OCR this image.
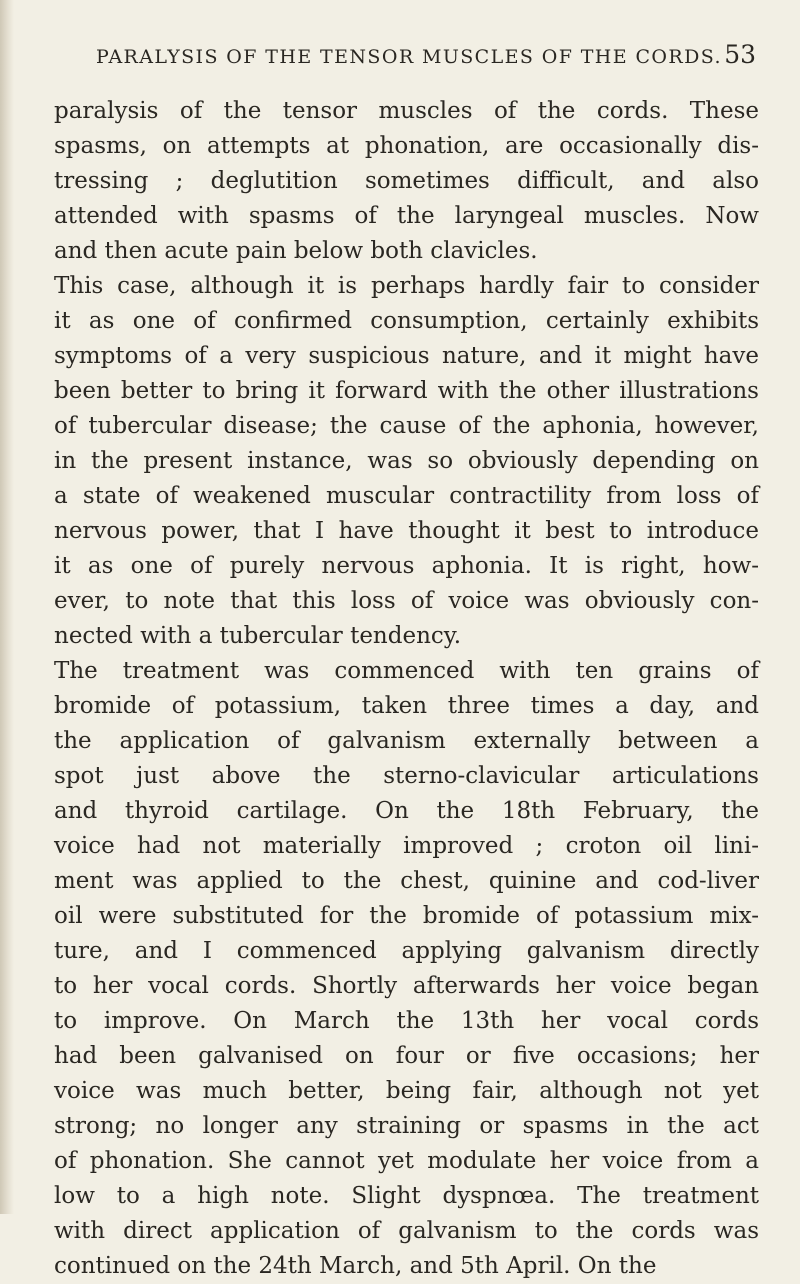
PARALYSIS OF THE TENSOR MUSCLES OF THE CORDS. 53
paralysis of the tensor muscles of the cords. These
spasms, on attempts at phonation, are occasionally dis-
tressing ; deglutition sometimes difficult, and also
attended with spasms of the laryngeal muscles. Now
and then acute pain below both clavicles.
This case, although it is perhaps hardly fair to consider
it as one of confirmed consumption, certainly exhibits
symptoms of a very suspicious nature, and it might have
been better to bring it forward with the other illustrations
of tubercular disease; the cause of the aphonia, however,
in the present instance, was so obviously depending on
a state of weakened muscular contractility from loss of
nervous power, that I have thought it best to introduce
it as one of purely nervous aphonia. It is right, how-
ever, to note that this loss of voice was obviously con-
nected with a tubercular tendency.
The treatment was commenced with ten grains of
bromide of potassium, taken three times a day, and
the application of galvanism externally between a
spot just above the sterno-clavicular articulations
and thyroid cartilage. On the 18th February, the
voice had not materially improved ; croton oil lini-
ment was applied to the chest, quinine and cod-liver
oil were substituted for the bromide of potassium mix-
ture, and I commenced applying galvanism directly
to her vocal cords. Shortly afterwards her voice began
to improve. On March the 13th her vocal cords
had been galvanised on four or five occasions; her
voice was much better, being fair, although not yet
strong; no longer any straining or spasms in the act
of phonation. She cannot yet modulate her voice from a
low to a high note. Slight dyspnœa. The treatment
with direct application of galvanism to the cords was
continued on the 24th March, and 5th April. On the
